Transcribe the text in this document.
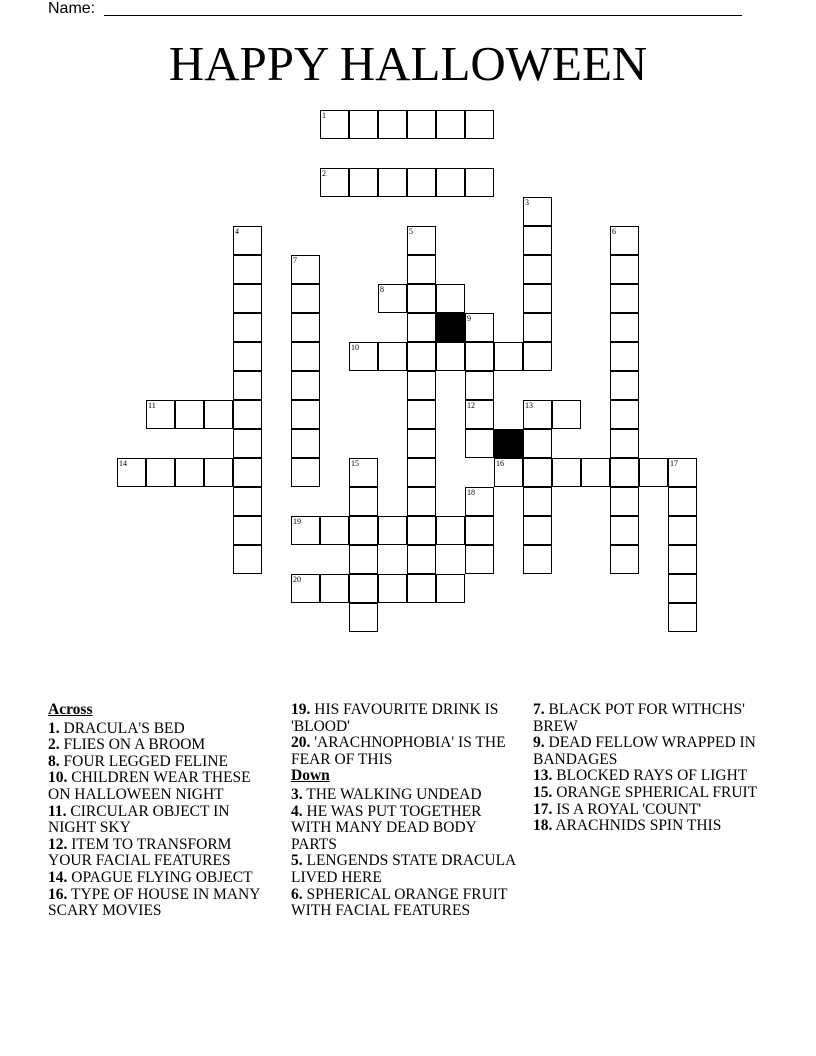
Name:
HAPPY HALLOWEEN
1
2
3
4	5	6
7
8
9
10
11	12	13
14	15	16	17
18
19
20
Across
1. DRACULA'S BED
2. FLIES ON A BROOM
8. FOUR LEGGED FELINE
10. CHILDREN WEAR THESE ON HALLOWEEN NIGHT
11. CIRCULAR OBJECT IN NIGHT SKY
12. ITEM TO TRANSFORM YOUR FACIAL FEATURES
14. OPAGUE FLYING OBJECT
16. TYPE OF HOUSE IN MANY SCARY MOVIES
19. HIS FAVOURITE DRINK IS 'BLOOD'
20. 'ARACHNOPHOBIA' IS THE FEAR OF THIS
Down
3. THE WALKING UNDEAD
4. HE WAS PUT TOGETHER WITH MANY DEAD BODY PARTS
5. LENGENDS STATE DRACULA LIVED HERE
6. SPHERICAL ORANGE FRUIT WITH FACIAL FEATURES
7. BLACK POT FOR WITHCHS' BREW
9. DEAD FELLOW WRAPPED IN BANDAGES
13. BLOCKED RAYS OF LIGHT
15. ORANGE SPHERICAL FRUIT
17. IS A ROYAL 'COUNT'
18. ARACHNIDS SPIN THIS
